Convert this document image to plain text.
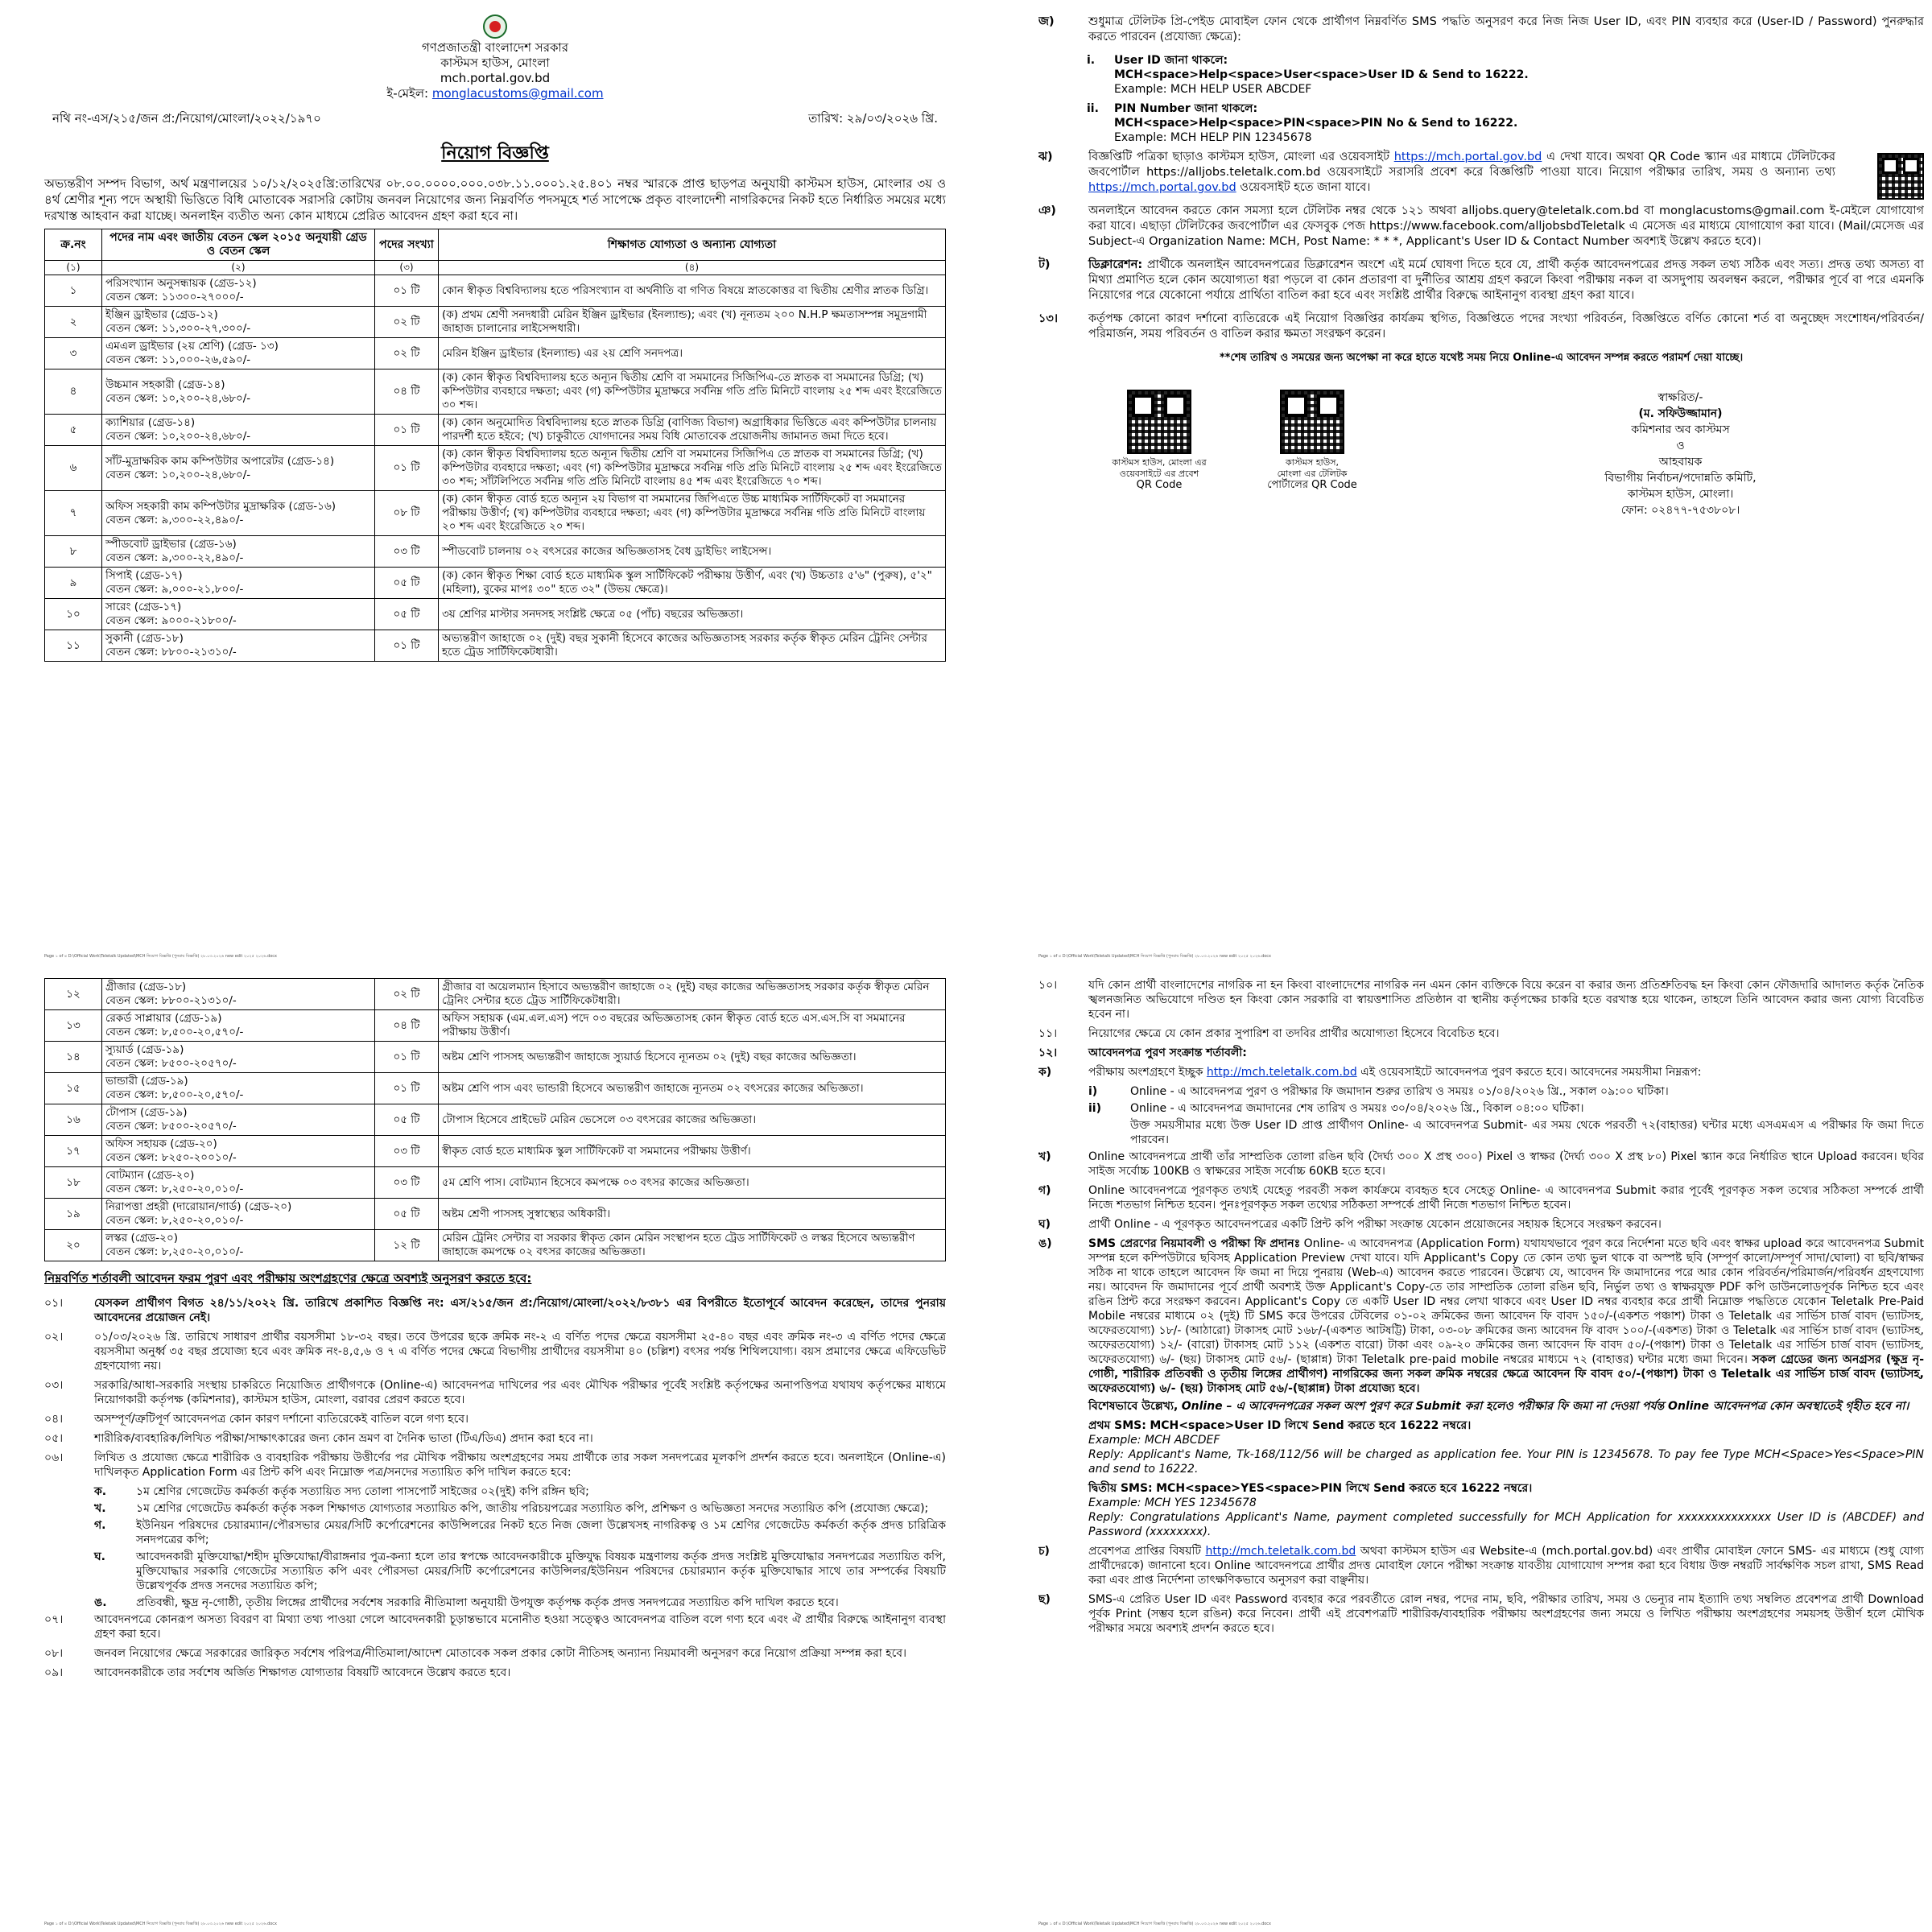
গণপ্রজাতন্ত্রী বাংলাদেশ সরকার
কাস্টমস হাউস, মোংলা
mch.portal.gov.bd
ই-মেইল: monglacustoms@gmail.com
নথি নং-এস/২১৫/জন প্র:/নিয়োগ/মোংলা/২০২২/১৯৭০	তারিখ: ২৯/০৩/২০২৬ খ্রি.
নিয়োগ বিজ্ঞপ্তি
অভ্যন্তরীণ সম্পদ বিভাগ, অর্থ মন্ত্রণালয়ের ১০/১২/২০২৫খ্রি:তারিখের ০৮.০০.০০০০.০০০.০৩৮.১১.০০০১.২৫.৪০১ নম্বর স্মারকে প্রাপ্ত ছাড়পত্র অনুযায়ী কাস্টমস হাউস, মোংলার ৩য় ও ৪র্থ শ্রেণীর শূন্য পদে অস্থায়ী ভিত্তিতে বিধি মোতাবেক সরাসরি কোটায় জনবল নিয়োগের জন্য নিম্নবর্ণিত পদসমূহে শর্ত সাপেক্ষে প্রকৃত বাংলাদেশী নাগরিকদের নিকট হতে নির্ধারিত সময়ের মধ্যে দরখাস্ত আহবান করা যাচ্ছে। অনলাইন ব্যতীত অন্য কোন মাধ্যমে প্রেরিত আবেদন গ্রহণ করা হবে না।
ক্র.নং	পদের নাম এবং জাতীয় বেতন স্কেল ২০১৫ অনুযায়ী গ্রেড ও বেতন স্কেল	পদের সংখ্যা	শিক্ষাগত যোগ্যতা ও অন্যান্য যোগ্যতা
(১)	(২)	(৩)	(৪)
১	পরিসংখ্যান অনুসন্ধায়ক (গ্রেড-১২)
বেতন স্কেল: ১১৩০০-২৭০০০/-	০১ টি	কোন স্বীকৃত বিশ্ববিদ্যালয় হতে পরিসংখ্যান বা অর্থনীতি বা গণিত বিষয়ে স্নাতকোত্তর বা দ্বিতীয় শ্রেণীর স্নাতক ডিগ্রি।
২	ইঞ্জিন ড্রাইভার (গ্রেড-১২)
বেতন স্কেল: ১১,৩০০-২৭,৩০০/-	০২ টি	(ক) প্রথম শ্রেণী সনদধারী মেরিন ইঞ্জিন ড্রাইভার (ইনল্যান্ড); এবং (খ) নূন্যতম ২০০ N.H.P ক্ষমতাসম্পন্ন সমুদ্রগামী জাহাজ চালানোর লাইসেন্সধারী।
৩	এমএল ড্রাইভার (২য় শ্রেণি) (গ্রেড- ১৩)
বেতন স্কেল: ১১,০০০-২৬,৫৯০/-	০২ টি	মেরিন ইঞ্জিন ড্রাইভার (ইনল্যান্ড) এর ২য় শ্রেণি সনদপত্র।
৪	উচ্চমান সহকারী (গ্রেড-১৪)
বেতন স্কেল: ১০,২০০-২৪,৬৮০/-	০৪ টি	(ক) কোন স্বীকৃত বিশ্ববিদ্যালয় হতে অন্যূন দ্বিতীয় শ্রেণি বা সমমানের সিজিপিএ-তে স্নাতক বা সমমানের ডিগ্রি; (খ) কম্পিউটার ব্যবহারে দক্ষতা; এবং (গ) কম্পিউটার মুদ্রাক্ষরে সর্বনিম্ন গতি প্রতি মিনিটে বাংলায় ২৫ শব্দ এবং ইংরেজিতে ৩০ শব্দ।
৫	ক্যাশিয়ার (গ্রেড-১৪)
বেতন স্কেল: ১০,২০০-২৪,৬৮০/-	০১ টি	(ক) কোন অনুমোদিত বিশ্ববিদ্যালয় হতে স্নাতক ডিগ্রি (বাণিজ্য বিভাগ) অগ্রাধিকার ভিত্তিতে এবং কম্পিউটার চালনায় পারদর্শী হতে হইবে; (খ) চাকুরীতে যোগদানের সময় বিধি মোতাবেক প্রয়োজনীয় জামানত জমা দিতে হবে।
৬	সাঁট-মুদ্রাক্ষরিক কাম কম্পিউটার অপারেটর (গ্রেড-১৪)
বেতন স্কেল: ১০,২০০-২৪,৬৮০/-	০১ টি	(ক) কোন স্বীকৃত বিশ্ববিদ্যালয় হতে অন্যূন দ্বিতীয় শ্রেণি বা সমমানের সিজিপিএ তে স্নাতক বা সমমানের ডিগ্রি; (খ) কম্পিউটার ব্যবহারে দক্ষতা; এবং (গ) কম্পিউটার মুদ্রাক্ষরে সর্বনিম্ন গতি প্রতি মিনিটে বাংলায় ২৫ শব্দ এবং ইংরেজিতে ৩০ শব্দ; সাঁটলিপিতে সর্বনিম্ন গতি প্রতি মিনিটে বাংলায় ৪৫ শব্দ এবং ইংরেজিতে ৭০ শব্দ।
৭	অফিস সহকারী কাম কম্পিউটার মুদ্রাক্ষরিক (গ্রেড-১৬)
বেতন স্কেল: ৯,৩০০-২২,৪৯০/-	০৮ টি	(ক) কোন স্বীকৃত বোর্ড হতে অন্যূন ২য় বিভাগ বা সমমানের জিপিএতে উচ্চ মাধ্যমিক সার্টিফিকেট বা সমমানের পরীক্ষায় উত্তীর্ণ; (খ) কম্পিউটার ব্যবহারে দক্ষতা; এবং (গ) কম্পিউটার মুদ্রাক্ষরে সর্বনিম্ন গতি প্রতি মিনিটে বাংলায় ২০ শব্দ এবং ইংরেজিতে ২০ শব্দ।
৮	স্পীডবোট ড্রাইভার (গ্রেড-১৬)
বেতন স্কেল: ৯,৩০০-২২,৪৯০/-	০৩ টি	স্পীডবোট চালনায় ০২ বৎসরের কাজের অভিজ্ঞতাসহ বৈধ ড্রাইভিং লাইসেন্স।
৯	সিপাই (গ্রেড-১৭)
বেতন স্কেল: ৯,০০০-২১,৮০০/-	০৫ টি	(ক) কোন স্বীকৃত শিক্ষা বোর্ড হতে মাধ্যমিক স্কুল সার্টিফিকেট পরীক্ষায় উত্তীর্ণ, এবং (খ) উচ্চতাঃ ৫'৬" (পুরুষ), ৫'২" (মহিলা), বুকের মাপঃ ৩০" হতে ৩২" (উভয় ক্ষেত্রে)।
১০	সারেং (গ্রেড-১৭)
বেতন স্কেল: ৯০০০-২১৮০০/-	০৫ টি	৩য় শ্রেণির মাস্টার সনদসহ সংশ্লিষ্ট ক্ষেত্রে ০৫ (পাঁচ) বছরের অভিজ্ঞতা।
১১	সুকানী (গ্রেড-১৮)
বেতন স্কেল: ৮৮০০-২১৩১০/-	০১ টি	অভ্যন্তরীণ জাহাজে ০২ (দুই) বছর সুকানী হিসেবে কাজের অভিজ্ঞতাসহ সরকার কর্তৃক স্বীকৃত মেরিন ট্রেনিং সেন্টার হতে ট্রেড সার্টিফিকেটধারী।
Page ১ of ৪ D:\Official Work\Teletalk Updated\MCH নিয়োগ বিজ্ঞপ্তি (পুনরায় বিজ্ঞপ্তি) ২৮.০৩.২০২৬ new edit ২০২৫ ২০২৬.docx
জ)	শুধুমাত্র টেলিটক প্রি-পেইড মোবাইল ফোন থেকে প্রার্থীগণ নিম্নবর্ণিত SMS পদ্ধতি অনুসরণ করে নিজ নিজ User ID, এবং PIN ব্যবহার করে (User-ID / Password) পুনরুদ্ধার করতে পারবেন (প্রযোজ্য ক্ষেত্রে):
i.	User ID জানা থাকলে:
MCH<space>Help<space>User<space>User ID & Send to 16222.
Example: MCH HELP USER ABCDEF
ii.	PIN Number জানা থাকলে:
MCH<space>Help<space>PIN<space>PIN No & Send to 16222.
Example: MCH HELP PIN 12345678
ঝ)	বিজ্ঞপ্তিটি পত্রিকা ছাড়াও কাস্টমস হাউস, মোংলা এর ওয়েবসাইট https://mch.portal.gov.bd এ দেখা যাবে। অথবা QR Code স্ক্যান এর মাধ্যমে টেলিটকের জবপোর্টাল https://alljobs.teletalk.com.bd ওয়েবসাইটে সরাসরি প্রবেশ করে বিজ্ঞপ্তিটি পাওয়া যাবে। নিয়োগ পরীক্ষার তারিখ, সময় ও অন্যান্য তথ্য https://mch.portal.gov.bd ওয়েবসাইট হতে জানা যাবে।
ঞ)	অনলাইনে আবেদন করতে কোন সমস্যা হলে টেলিটক নম্বর থেকে ১২১ অথবা alljobs.query@teletalk.com.bd বা monglacustoms@gmail.com ই-মেইলে যোগাযোগ করা যাবে। এছাড়া টেলিটকের জবপোর্টাল এর ফেসবুক পেজ https://www.facebook.com/alljobsbdTeletalk এ মেসেজ এর মাধ্যমে যোগাযোগ করা যাবে। (Mail/মেসেজ এর Subject-এ Organization Name: MCH, Post Name: * * *, Applicant's User ID & Contact Number অবশ্যই উল্লেখ করতে হবে)।
ট)	ডিক্লারেশন: প্রার্থীকে অনলাইন আবেদনপত্রের ডিক্লারেশন অংশে এই মর্মে ঘোষণা দিতে হবে যে, প্রার্থী কর্তৃক আবেদনপত্রের প্রদত্ত সকল তথ্য সঠিক এবং সত্য। প্রদত্ত তথ্য অসত্য বা মিথ্যা প্রমাণিত হলে কোন অযোগ্যতা ধরা পড়লে বা কোন প্রতারণা বা দুর্নীতির আশ্রয় গ্রহণ করলে কিংবা পরীক্ষায় নকল বা অসদুপায় অবলম্বন করলে, পরীক্ষার পূর্বে বা পরে এমনকি নিয়োগের পরে যেকোনো পর্যায়ে প্রার্থিতা বাতিল করা হবে এবং সংশ্লিষ্ট প্রার্থীর বিরুদ্ধে আইনানুগ ব্যবস্থা গ্রহণ করা যাবে।
১৩।	কর্তৃপক্ষ কোনো কারণ দর্শানো ব্যতিরেকে এই নিয়োগ বিজ্ঞপ্তির কার্যক্রম স্থগিত, বিজ্ঞপ্তিতে পদের সংখ্যা পরিবর্তন, বিজ্ঞপ্তিতে বর্ণিত কোনো শর্ত বা অনুচ্ছেদ সংশোধন/পরিবর্তন/পরিমার্জন, সময় পরিবর্তন ও বাতিল করার ক্ষমতা সংরক্ষণ করেন।
**শেষ তারিখ ও সময়ের জন্য অপেক্ষা না করে হাতে যথেষ্ট সময় নিয়ে Online-এ আবেদন সম্পন্ন করতে পরামর্শ দেয়া যাচ্ছে।
কাস্টমস হাউস, মোংলা এর
ওয়েবসাইটে এর প্রবেশ
QR Code
কাস্টমস হাউস,
মোংলা এর টেলিটক
পোর্টালের QR Code
স্বাক্ষরিত/-
(ম. সফিউজ্জামান)
কমিশনার অব কাস্টমস
ও
আহবায়ক
বিভাগীয় নির্বাচন/পদোন্নতি কমিটি,
কাস্টমস হাউস, মোংলা।
ফোন: ০২৪৭৭-৭৫৩৮০৮।
Page ১ of ৪ D:\Official Work\Teletalk Updated\MCH নিয়োগ বিজ্ঞপ্তি (পুনরায় বিজ্ঞপ্তি) ২৮.০৩.২০২৬ new edit ২০২৫ ২০২৬.docx
১২	গ্রীজার (গ্রেড-১৮)
বেতন স্কেল: ৮৮০০-২১৩১০/-	০২ টি	গ্রীজার বা অয়েলম্যান হিসাবে অভ্যন্তরীণ জাহাজে ০২ (দুই) বছর কাজের অভিজ্ঞতাসহ সরকার কর্তৃক স্বীকৃত মেরিন ট্রেনিং সেন্টার হতে ট্রেড সার্টিফিকেটধারী।
১৩	রেকর্ড সাপ্লায়ার (গ্রেড-১৯)
বেতন স্কেল: ৮,৫০০-২০,৫৭০/-	০৪ টি	অফিস সহায়ক (এম.এল.এস) পদে ০৩ বছরের অভিজ্ঞতাসহ কোন স্বীকৃত বোর্ড হতে এস.এস.সি বা সমমানের পরীক্ষায় উত্তীর্ণ।
১৪	স্যুয়ার্ড (গ্রেড-১৯)
বেতন স্কেল: ৮৫০০-২০৫৭০/-	০১ টি	অষ্টম শ্রেণি পাসসহ অভ্যন্তরীণ জাহাজে স্যুয়ার্ড হিসেবে ন্যূনতম ০২ (দুই) বছর কাজের অভিজ্ঞতা।
১৫	ভান্ডারী (গ্রেড-১৯)
বেতন স্কেল: ৮,৫০০-২০,৫৭০/-	০১ টি	অষ্টম শ্রেণি পাস এবং ভান্ডারী হিসেবে অভ্যন্তরীণ জাহাজে ন্যূনতম ০২ বৎসরের কাজের অভিজ্ঞতা।
১৬	টোপাস (গ্রেড-১৯)
বেতন স্কেল: ৮৫০০-২০৫৭০/-	০৫ টি	টোপাস হিসেবে প্রাইভেট মেরিন ভেসেলে ০৩ বৎসরের কাজের অভিজ্ঞতা।
১৭	অফিস সহায়ক (গ্রেড-২০)
বেতন স্কেল: ৮২৫০-২০০১০/-	০৩ টি	স্বীকৃত বোর্ড হতে মাধ্যমিক স্কুল সার্টিফিকেট বা সমমানের পরীক্ষায় উত্তীর্ণ।
১৮	বোটম্যান (গ্রেড-২০)
বেতন স্কেল: ৮,২৫০-২০,০১০/-	০৩ টি	৫ম শ্রেণি পাস। বোটম্যান হিসেবে কমপক্ষে ০৩ বৎসর কাজের অভিজ্ঞতা।
১৯	নিরাপত্তা প্রহরী (দারোয়ান/গার্ড) (গ্রেড-২০)
বেতন স্কেল: ৮,২৫০-২০,০১০/-	০৫ টি	অষ্টম শ্রেণী পাসসহ সুস্বাস্থ্যের অধিকারী।
২০	লস্কর (গ্রেড-২০)
বেতন স্কেল: ৮,২৫০-২০,০১০/-	১২ টি	মেরিন ট্রেনিং সেন্টার বা সরকার স্বীকৃত কোন মেরিন সংস্থাপন হতে ট্রেড সার্টিফিকেট ও লস্কর হিসেবে অভ্যন্তরীণ জাহাজে কমপক্ষে ০২ বৎসর কাজের অভিজ্ঞতা।
নিম্নবর্ণিত শর্তাবলী আবেদন ফরম পুরণ এবং পরীক্ষায় অংশগ্রহণের ক্ষেত্রে অবশ্যই অনুসরণ করতে হবে:
০১।	যেসকল প্রার্থীগণ বিগত ২৪/১১/২০২২ খ্রি. তারিখে প্রকাশিত বিজ্ঞপ্তি নং: এস/২১৫/জন প্র:/নিয়োগ/মোংলা/২০২২/৮৩৮১ এর বিপরীতে ইতোপূর্বে আবেদন করেছেন, তাদের পুনরায় আবেদনের প্রয়োজন নেই।
০২।	০১/০৩/২০২৬ খ্রি. তারিখে সাধারণ প্রার্থীর বয়সসীমা ১৮-৩২ বছর। তবে উপরের ছকে ক্রমিক নং-২ এ বর্ণিত পদের ক্ষেত্রে বয়সসীমা ২৫-৪০ বছর এবং ক্রমিক নং-৩ এ বর্ণিত পদের ক্ষেত্রে বয়সসীমা অনুর্ধ্ব ৩৫ বছর প্রযোজ্য হবে এবং ক্রমিক নং-৪,৫,৬ ও ৭ এ বর্ণিত পদের ক্ষেত্রে বিভাগীয় প্রার্থীদের বয়সসীমা ৪০ (চল্লিশ) বৎসর পর্যন্ত শিথিলযোগ্য। বয়স প্রমাণের ক্ষেত্রে এফিডেভিট গ্রহণযোগ্য নয়।
০৩।	সরকারি/আধা-সরকারি সংস্থায় চাকরিতে নিয়োজিত প্রার্থীগণকে (Online-এ) আবেদনপত্র দাখিলের পর এবং মৌখিক পরীক্ষার পূর্বেই সংশ্লিষ্ট কর্তৃপক্ষের অনাপত্তিপত্র যথাযথ কর্তৃপক্ষের মাধ্যমে নিয়োগকারী কর্তৃপক্ষ (কমিশনার), কাস্টমস হাউস, মোংলা, বরাবর প্রেরণ করতে হবে।
০৪।	অসম্পূর্ণ/ত্রুটিপূর্ণ আবেদনপত্র কোন কারণ দর্শানো ব্যতিরেকেই বাতিল বলে গণ্য হবে।
০৫।	শারীরিক/ব্যবহারিক/লিখিত পরীক্ষা/সাক্ষাৎকারের জন্য কোন ভ্রমণ বা দৈনিক ভাতা (টিএ/ডিএ) প্রদান করা হবে না।
০৬।	লিখিত ও প্রযোজ্য ক্ষেত্রে শারীরিক ও ব্যবহারিক পরীক্ষায় উত্তীর্ণের পর মৌখিক পরীক্ষায় অংশগ্রহণের সময় প্রার্থীকে তার সকল সনদপত্রের মূলকপি প্রদর্শন করতে হবে। অনলাইনে (Online-এ) দাখিলকৃত Application Form এর প্রিন্ট কপি এবং নিম্নোক্ত পত্র/সনদের সত্যায়িত কপি দাখিল করতে হবে:
ক.	১ম শ্রেণির গেজেটেড কর্মকর্তা কর্তৃক সত্যায়িত সদ্য তোলা পাসপোর্ট সাইজের ০২(দুই) কপি রঙ্গিন ছবি;
খ.	১ম শ্রেণির গেজেটেড কর্মকর্তা কর্তৃক সকল শিক্ষাগত যোগ্যতার সত্যায়িত কপি, জাতীয় পরিচয়পত্রের সত্যায়িত কপি, প্রশিক্ষণ ও অভিজ্ঞতা সনদের সত্যায়িত কপি (প্রযোজ্য ক্ষেত্রে);
গ.	ইউনিয়ন পরিষদের চেয়ারম্যান/পৌরসভার মেয়র/সিটি কর্পোরেশনের কাউন্সিলরের নিকট হতে নিজ জেলা উল্লেখসহ নাগরিকত্ব ও ১ম শ্রেণির গেজেটেড কর্মকর্তা কর্তৃক প্রদত্ত চারিত্রিক সনদপত্রের কপি;
ঘ.	আবেদনকারী মুক্তিযোদ্ধা/শহীদ মুক্তিযোদ্ধা/বীরাঙ্গনার পুত্র-কন্যা হলে তার স্বপক্ষে আবেদনকারীকে মুক্তিযুদ্ধ বিষয়ক মন্ত্রণালয় কর্তৃক প্রদত্ত সংশ্লিষ্ট মুক্তিযোদ্ধার সনদপত্রের সত্যায়িত কপি, মুক্তিযোদ্ধার সরকারি গেজেটের সত্যায়িত কপি এবং পৌরসভা মেয়র/সিটি কর্পোরেশনের কাউন্সিলর/ইউনিয়ন পরিষদের চেয়ারম্যান কর্তৃক মুক্তিযোদ্ধার সাথে তার সম্পর্কের বিষয়টি উল্লেখপূর্বক প্রদত্ত সনদের সত্যায়িত কপি;
ঙ.	প্রতিবন্ধী, ক্ষুদ্র নৃ-গোষ্ঠী, তৃতীয় লিঙ্গের প্রার্থীদের সর্বশেষ সরকারি নীতিমালা অনুযায়ী উপযুক্ত কর্তৃপক্ষ কর্তৃক প্রদত্ত সনদপত্রের সত্যায়িত কপি দাখিল করতে হবে।
০৭।	আবেদনপত্রে কোনরূপ অসত্য বিবরণ বা মিথ্যা তথ্য পাওয়া গেলে আবেদনকারী চূড়ান্তভাবে মনোনীত হওয়া সত্ত্বেও আবেদনপত্র বাতিল বলে গণ্য হবে এবং ঐ প্রার্থীর বিরুদ্ধে আইনানুগ ব্যবস্থা গ্রহণ করা হবে।
০৮।	জনবল নিয়োগের ক্ষেত্রে সরকারের জারিকৃত সর্বশেষ পরিপত্র/নীতিমালা/আদেশ মোতাবেক সকল প্রকার কোটা নীতিসহ অন্যান্য নিয়মাবলী অনুসরণ করে নিয়োগ প্রক্রিয়া সম্পন্ন করা হবে।
০৯।	আবেদনকারীকে তার সর্বশেষ অর্জিত শিক্ষাগত যোগ্যতার বিষয়টি আবেদনে উল্লেখ করতে হবে।
Page ১ of ৪ D:\Official Work\Teletalk Updated\MCH নিয়োগ বিজ্ঞপ্তি (পুনরায় বিজ্ঞপ্তি) ২৮.০৩.২০২৬ new edit ২০২৫ ২০২৬.docx
১০।	যদি কোন প্রার্থী বাংলাদেশের নাগরিক না হন কিংবা বাংলাদেশের নাগরিক নন এমন কোন ব্যক্তিকে বিয়ে করেন বা করার জন্য প্রতিশ্রুতিবদ্ধ হন কিংবা কোন ফৌজদারি আদালত কর্তৃক নৈতিক স্খলনজনিত অভিযোগে দণ্ডিত হন কিংবা কোন সরকারি বা স্বায়ত্তশাসিত প্রতিষ্ঠান বা স্থানীয় কর্তৃপক্ষের চাকরি হতে বরখাস্ত হয়ে থাকেন, তাহলে তিনি আবেদন করার জন্য যোগ্য বিবেচিত হবেন না।
১১।	নিয়োগের ক্ষেত্রে যে কোন প্রকার সুপারিশ বা তদবির প্রার্থীর অযোগ্যতা হিসেবে বিবেচিত হবে।
১২।	আবেদনপত্র পুরণ সংক্রান্ত শর্তাবলী:
ক)	পরীক্ষায় অংশগ্রহণে ইচ্ছুক http://mch.teletalk.com.bd এই ওয়েবসাইটে আবেদনপত্র পুরণ করতে হবে। আবেদনের সময়সীমা নিম্নরূপ:
i)	Online - এ আবেদনপত্র পুরণ ও পরীক্ষার ফি জমাদান শুরুর তারিখ ও সময়ঃ ০১/০৪/২০২৬ খ্রি., সকাল ০৯:০০ ঘটিকা।
ii)	Online - এ আবেদনপত্র জমাদানের শেষ তারিখ ও সময়ঃ ৩০/০৪/২০২৬ খ্রি., বিকাল ০৪:০০ ঘটিকা।
উক্ত সময়সীমার মধ্যে উক্ত User ID প্রাপ্ত প্রার্থীগণ Online- এ আবেদনপত্র Submit- এর সময় থেকে পরবর্তী ৭২(বাহাত্তর) ঘন্টার মধ্যে এসএমএস এ পরীক্ষার ফি জমা দিতে পারবেন।
খ)	Online আবেদনপত্রে প্রার্থী তাঁর সাম্প্রতিক তোলা রঙিন ছবি (দৈর্ঘ্য ৩০০ X প্রস্থ ৩০০) Pixel ও স্বাক্ষর (দৈর্ঘ্য ৩০০ X প্রস্থ ৮০) Pixel স্ক্যান করে নির্ধারিত স্থানে Upload করবেন। ছবির সাইজ সর্বোচ্চ 100KB ও স্বাক্ষরের সাইজ সর্বোচ্চ 60KB হতে হবে।
গ)	Online আবেদনপত্রে পূরণকৃত তথ্যই যেহেতু পরবর্তী সকল কার্যক্রমে ব্যবহৃত হবে সেহেতু Online- এ আবেদনপত্র Submit করার পূর্বেই পূরণকৃত সকল তথ্যের সঠিকতা সম্পর্কে প্রার্থী নিজে শতভাগ নিশ্চিত হবেন। পুনঃপূরণকৃত সকল তথ্যের সঠিকতা সম্পর্কে প্রার্থী নিজে শতভাগ নিশ্চিত হবেন।
ঘ)	প্রার্থী Online - এ পূরণকৃত আবেদনপত্রের একটি প্রিন্ট কপি পরীক্ষা সংক্রান্ত যেকোন প্রয়োজনের সহায়ক হিসেবে সংরক্ষণ করবেন।
ঙ)	SMS প্রেরণের নিয়মাবলী ও পরীক্ষা ফি প্রদানঃ Online- এ আবেদনপত্র (Application Form) যথাযথভাবে পূরণ করে নির্দেশনা মতে ছবি এবং স্বাক্ষর upload করে আবেদনপত্র Submit সম্পন্ন হলে কম্পিউটারে ছবিসহ Application Preview দেখা যাবে। যদি Applicant's Copy তে কোন তথ্য ভুল থাকে বা অস্পষ্ট ছবি (সম্পূর্ণ কালো/সম্পূর্ণ সাদা/ঘোলা) বা ছবি/স্বাক্ষর সঠিক না থাকে তাহলে আবেদন ফি জমা না দিয়ে পুনরায় (Web-এ) আবেদন করতে পারবেন। উল্লেখ্য যে, আবেদন ফি জমাদানের পরে আর কোন পরিবর্তন/পরিমার্জন/পরিবর্ধন গ্রহণযোগ্য নয়। আবেদন ফি জমাদানের পূর্বে প্রার্থী অবশ্যই উক্ত Applicant's Copy-তে তার সাম্প্রতিক তোলা রঙিন ছবি, নির্ভুল তথ্য ও স্বাক্ষরযুক্ত PDF কপি ডাউনলোডপূর্বক নিশ্চিত হবে এবং রঙিন প্রিন্ট করে সংরক্ষণ করবেন। Applicant's Copy তে একটি User ID নম্বর লেখা থাকবে এবং User ID নম্বর ব্যবহার করে প্রার্থী নিম্নোক্ত পদ্ধতিতে যেকোন Teletalk Pre-Paid Mobile নম্বরের মাধ্যমে ০২ (দুই) টি SMS করে উপরের টেবিলের ০১-০২ ক্রমিকের জন্য আবেদন ফি বাবদ ১৫০/-(একশত পঞ্চাশ) টাকা ও Teletalk এর সার্ভিস চার্জ বাবদ (ভ্যাটসহ, অফেরতযোগ্য) ১৮/- (আঠারো) টাকাসহ মোট ১৬৮/-(একশত আটষট্টি) টাকা, ০৩-০৮ ক্রমিকের জন্য আবেদন ফি বাবদ ১০০/-(একশত) টাকা ও Teletalk এর সার্ভিস চার্জ বাবদ (ভ্যাটসহ, অফেরতযোগ্য) ১২/- (বারো) টাকাসহ মোট ১১২ (একশত বারো) টাকা এবং ০৯-২০ ক্রমিকের জন্য আবেদন ফি বাবদ ৫০/-(পঞ্চাশ) টাকা ও Teletalk এর সার্ভিস চার্জ বাবদ (ভ্যাটসহ, অফেরতযোগ্য) ৬/- (ছয়) টাকাসহ মোট ৫৬/- (ছাপ্পান্ন) টাকা Teletalk pre-paid mobile নম্বরের মাধ্যমে ৭২ (বাহাত্তর) ঘন্টার মধ্যে জমা দিবেন। সকল গ্রেডের জন্য অনগ্রসর (ক্ষুদ্র নৃ-গোষ্ঠী, শারীরিক প্রতিবন্ধী ও তৃতীয় লিঙ্গের প্রার্থীগণ) নাগরিকের জন্য সকল ক্রমিক নম্বরের ক্ষেত্রে আবেদন ফি বাবদ ৫০/-(পঞ্চাশ) টাকা ও Teletalk এর সার্ভিস চার্জ বাবদ (ভ্যাটসহ, অফেরতযোগ্য) ৬/- (ছয়) টাকাসহ মোট ৫৬/-(ছাপ্পান্ন) টাকা প্রযোজ্য হবে।
বিশেষভাবে উল্লেখ্য, Online – এ আবেদনপত্রের সকল অংশ পুরণ করে Submit করা হলেও পরীক্ষার ফি জমা না দেওয়া পর্যন্ত Online আবেদনপত্র কোন অবস্থাতেই গৃহীত হবে না।
প্রথম SMS: MCH<space>User ID লিখে Send করতে হবে 16222 নম্বরে।
Example: MCH ABCDEF
Reply: Applicant's Name, Tk-168/112/56 will be charged as application fee. Your PIN is 12345678. To pay fee Type MCH<Space>Yes<Space>PIN and send to 16222.
দ্বিতীয় SMS: MCH<space>YES<space>PIN লিখে Send করতে হবে 16222 নম্বরে।
Example: MCH YES 12345678
Reply: Congratulations Applicant's Name, payment completed successfully for MCH Application for xxxxxxxxxxxxxx User ID is (ABCDEF) and Password (xxxxxxxx).
চ)	প্রবেশপত্র প্রাপ্তির বিষয়টি http://mch.teletalk.com.bd অথবা কাস্টমস হাউস এর Website-এ (mch.portal.gov.bd) এবং প্রার্থীর মোবাইল ফোনে SMS- এর মাধ্যমে (শুধু যোগ্য প্রার্থীদেরকে) জানানো হবে। Online আবেদনপত্রে প্রার্থীর প্রদত্ত মোবাইল ফোনে পরীক্ষা সংক্রান্ত যাবতীয় যোগাযোগ সম্পন্ন করা হবে বিধায় উক্ত নম্বরটি সার্বক্ষণিক সচল রাখা, SMS Read করা এবং প্রাপ্ত নির্দেশনা তাৎক্ষণিকভাবে অনুসরণ করা বাঞ্ছনীয়।
ছ)	SMS-এ প্রেরিত User ID এবং Password ব্যবহার করে পরবর্তীতে রোল নম্বর, পদের নাম, ছবি, পরীক্ষার তারিখ, সময় ও ভেন্যুর নাম ইত্যাদি তথ্য সম্বলিত প্রবেশপত্র প্রার্থী Download পূর্বক Print (সম্ভব হলে রঙিন) করে নিবেন। প্রার্থী এই প্রবেশপত্রটি শারীরিক/ব্যবহারিক পরীক্ষায় অংশগ্রহণের জন্য সময়ে ও লিখিত পরীক্ষায় অংশগ্রহণের সময়সহ উত্তীর্ণ হলে মৌখিক পরীক্ষার সময়ে অবশ্যই প্রদর্শন করতে হবে।
Page ১ of ৪ D:\Official Work\Teletalk Updated\MCH নিয়োগ বিজ্ঞপ্তি (পুনরায় বিজ্ঞপ্তি) ২৮.০৩.২০২৬ new edit ২০২৫ ২০২৬.docx
